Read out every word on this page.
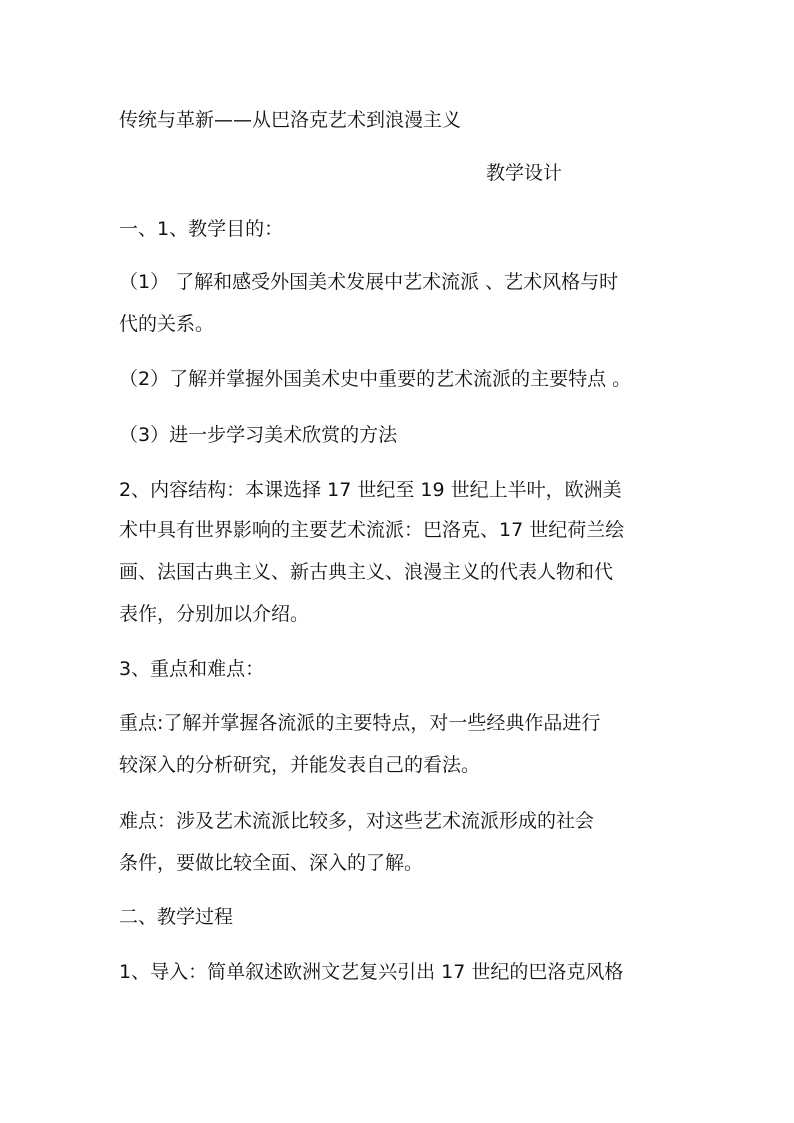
传统与革新——从巴洛克艺术到浪漫主义
教学设计
一、1、教学目的：
（1） 了解和感受外国美术发展中艺术流派 、艺术风格与时
代的关系。
（2）了解并掌握外国美术史中重要的艺术流派的主要特点 。
（3）进一步学习美术欣赏的方法
2、内容结构：本课选择 17 世纪至 19 世纪上半叶，欧洲美
术中具有世界影响的主要艺术流派：巴洛克、17 世纪荷兰绘
画、法国古典主义、新古典主义、浪漫主义的代表人物和代
表作，分别加以介绍。
3、重点和难点：
重点:了解并掌握各流派的主要特点，对一些经典作品进行
较深入的分析研究，并能发表自己的看法。
难点：涉及艺术流派比较多，对这些艺术流派形成的社会
条件，要做比较全面、深入的了解。
二、教学过程
1、导入：简单叙述欧洲文艺复兴引出 17 世纪的巴洛克风格
